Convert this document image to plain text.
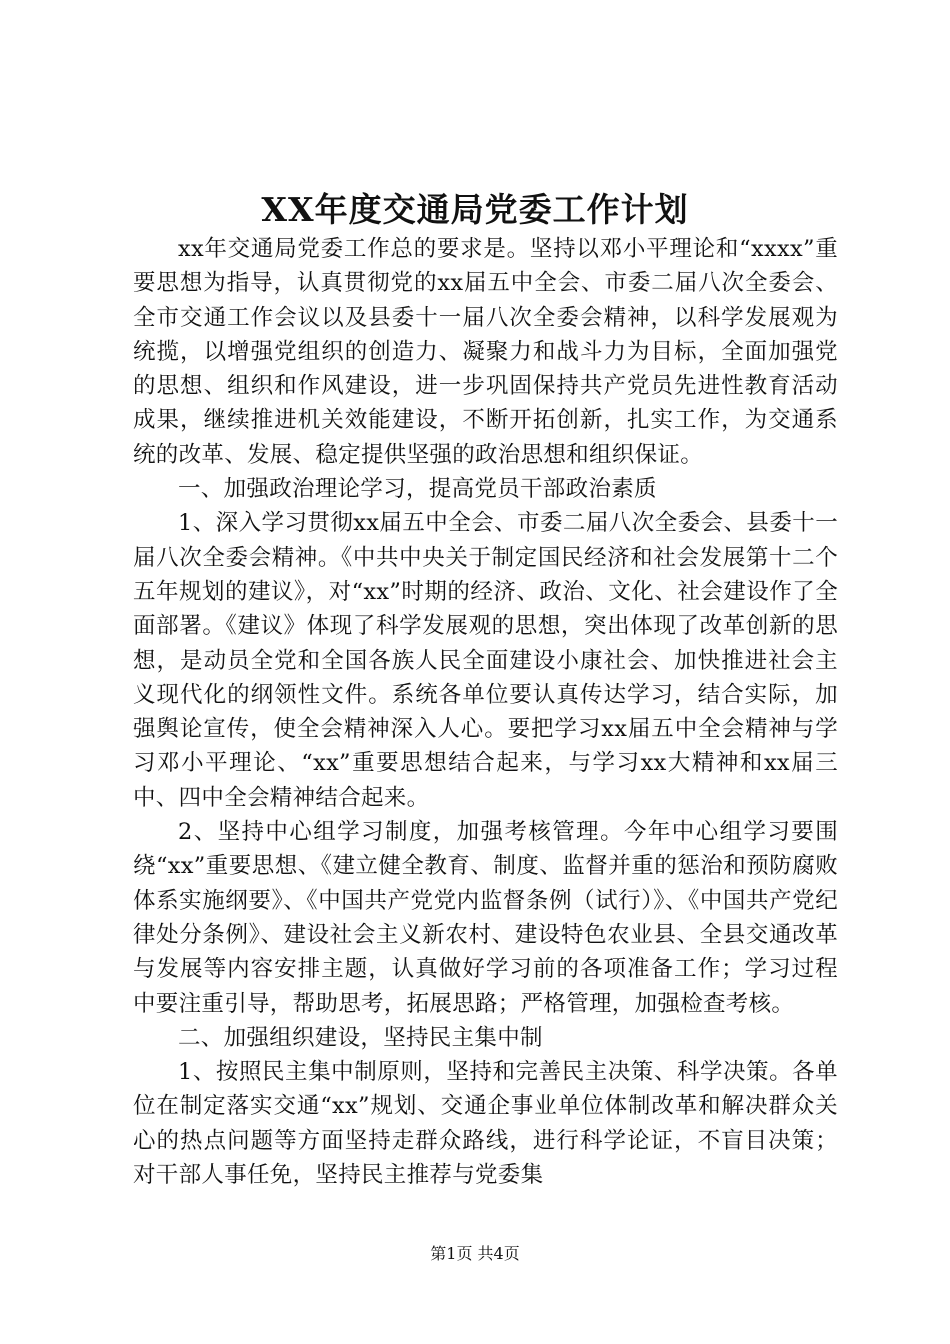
XX年度交通局党委工作计划

xx年交通局党委工作总的要求是。坚持以邓小平理论和“xxxx”重要思想为指导，认真贯彻党的xx届五中全会、市委二届八次全委会、全市交通工作会议以及县委十一届八次全委会精神，以科学发展观为统揽，以增强党组织的创造力、凝聚力和战斗力为目标，全面加强党的思想、组织和作风建设，进一步巩固保持共产党员先进性教育活动成果，继续推进机关效能建设，不断开拓创新，扎实工作，为交通系统的改革、发展、稳定提供坚强的政治思想和组织保证。

一、加强政治理论学习，提高党员干部政治素质

1、深入学习贯彻xx届五中全会、市委二届八次全委会、县委十一届八次全委会精神。《中共中央关于制定国民经济和社会发展第十二个五年规划的建议》，对“xx”时期的经济、政治、文化、社会建设作了全面部署。《建议》体现了科学发展观的思想，突出体现了改革创新的思想，是动员全党和全国各族人民全面建设小康社会、加快推进社会主义现代化的纲领性文件。系统各单位要认真传达学习，结合实际，加强舆论宣传，使全会精神深入人心。要把学习xx届五中全会精神与学习邓小平理论、“xx”重要思想结合起来，与学习xx大精神和xx届三中、四中全会精神结合起来。

2、坚持中心组学习制度，加强考核管理。今年中心组学习要围绕“xx”重要思想、《建立健全教育、制度、监督并重的惩治和预防腐败体系实施纲要》、《中国共产党党内监督条例（试行）》、《中国共产党纪律处分条例》、建设社会主义新农村、建设特色农业县、全县交通改革与发展等内容安排主题，认真做好学习前的各项准备工作；学习过程中要注重引导，帮助思考，拓展思路；严格管理，加强检查考核。

二、加强组织建设，坚持民主集中制

1、按照民主集中制原则，坚持和完善民主决策、科学决策。各单位在制定落实交通“xx”规划、交通企事业单位体制改革和解决群众关心的热点问题等方面坚持走群众路线，进行科学论证，不盲目决策；对干部人事任免，坚持民主推荐与党委集

第1页 共4页
